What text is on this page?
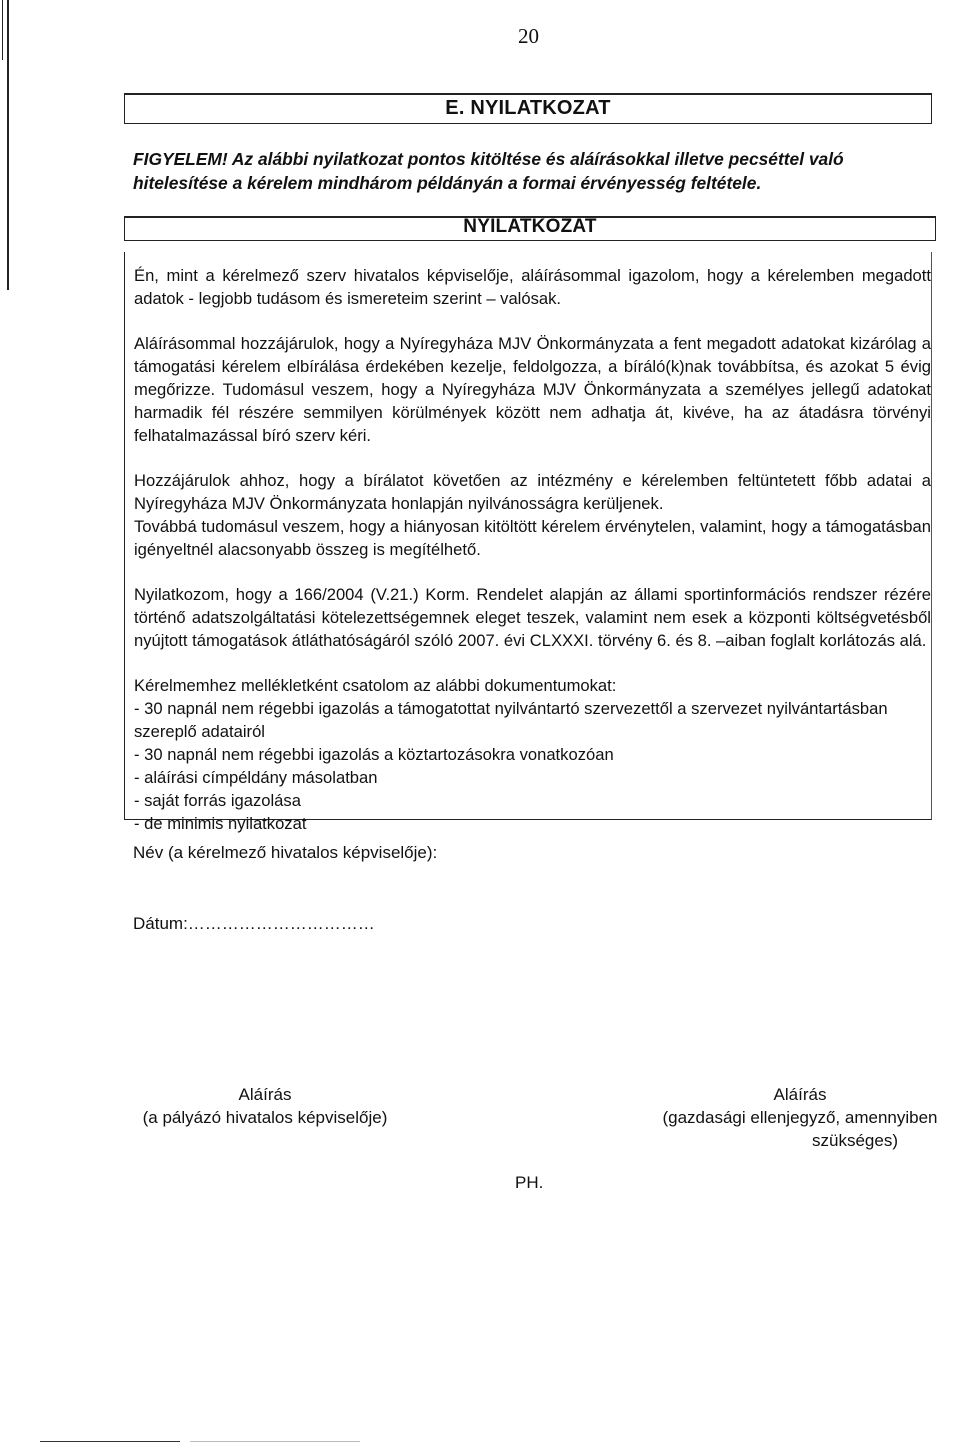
20
E. NYILATKOZAT
FIGYELEM! Az alábbi nyilatkozat pontos kitöltése és aláírásokkal illetve pecséttel való hitelesítése a kérelem mindhárom példányán a formai érvényesség feltétele.
NYILATKOZAT

Én, mint a kérelmező szerv hivatalos képviselője, aláírásommal igazolom, hogy a kérelemben megadott adatok - legjobb tudásom és ismereteim szerint – valósak.

Aláírásommal hozzájárulok, hogy a Nyíregyháza MJV Önkormányzata a fent megadott adatokat kizárólag a támogatási kérelem elbírálása érdekében kezelje, feldolgozza, a bíráló(k)nak továbbítsa, és azokat 5 évig megőrizze. Tudomásul veszem, hogy a Nyíregyháza MJV Önkormányzata a személyes jellegű adatokat harmadik fél részére semmilyen körülmények között nem adhatja át, kivéve, ha az átadásra törvényi felhatalmazással bíró szerv kéri.

Hozzájárulok ahhoz, hogy a bírálatot követően az intézmény e kérelemben feltüntetett főbb adatai a Nyíregyháza MJV Önkormányzata honlapján nyilvánosságra kerüljenek.

Továbbá tudomásul veszem, hogy a hiányosan kitöltött kérelem érvénytelen, valamint, hogy a támogatásban igényeltnél alacsonyabb összeg is megítélhető.

Nyilatkozom, hogy a 166/2004 (V.21.) Korm. Rendelet alapján az állami sportinformációs rendszer rézére történő adatszolgáltatási kötelezettségemnek eleget teszek, valamint nem esek a központi költségvetésből nyújtott támogatások átláthatóságáról szóló 2007. évi CLXXXI. törvény 6. és 8. –aiban foglalt korlátozás alá.

Kérelmemhez mellékletként csatolom az alábbi dokumentumokat:

- 30 napnál nem régebbi igazolás a támogatottat nyilvántartó szervezettől a szervezet nyilvántartásban szereplő adatairól

- 30 napnál nem régebbi igazolás a köztartozásokra vonatkozóan

- aláírási címpéldány másolatban

- saját forrás igazolása

- de minimis nyilatkozat

Név (a kérelmező hivatalos képviselője):
Dátum:……………………………
Aláírás
(a pályázó hivatalos képviselője)
Aláírás
(gazdasági ellenjegyző, amennyiben
szükséges)
PH.
